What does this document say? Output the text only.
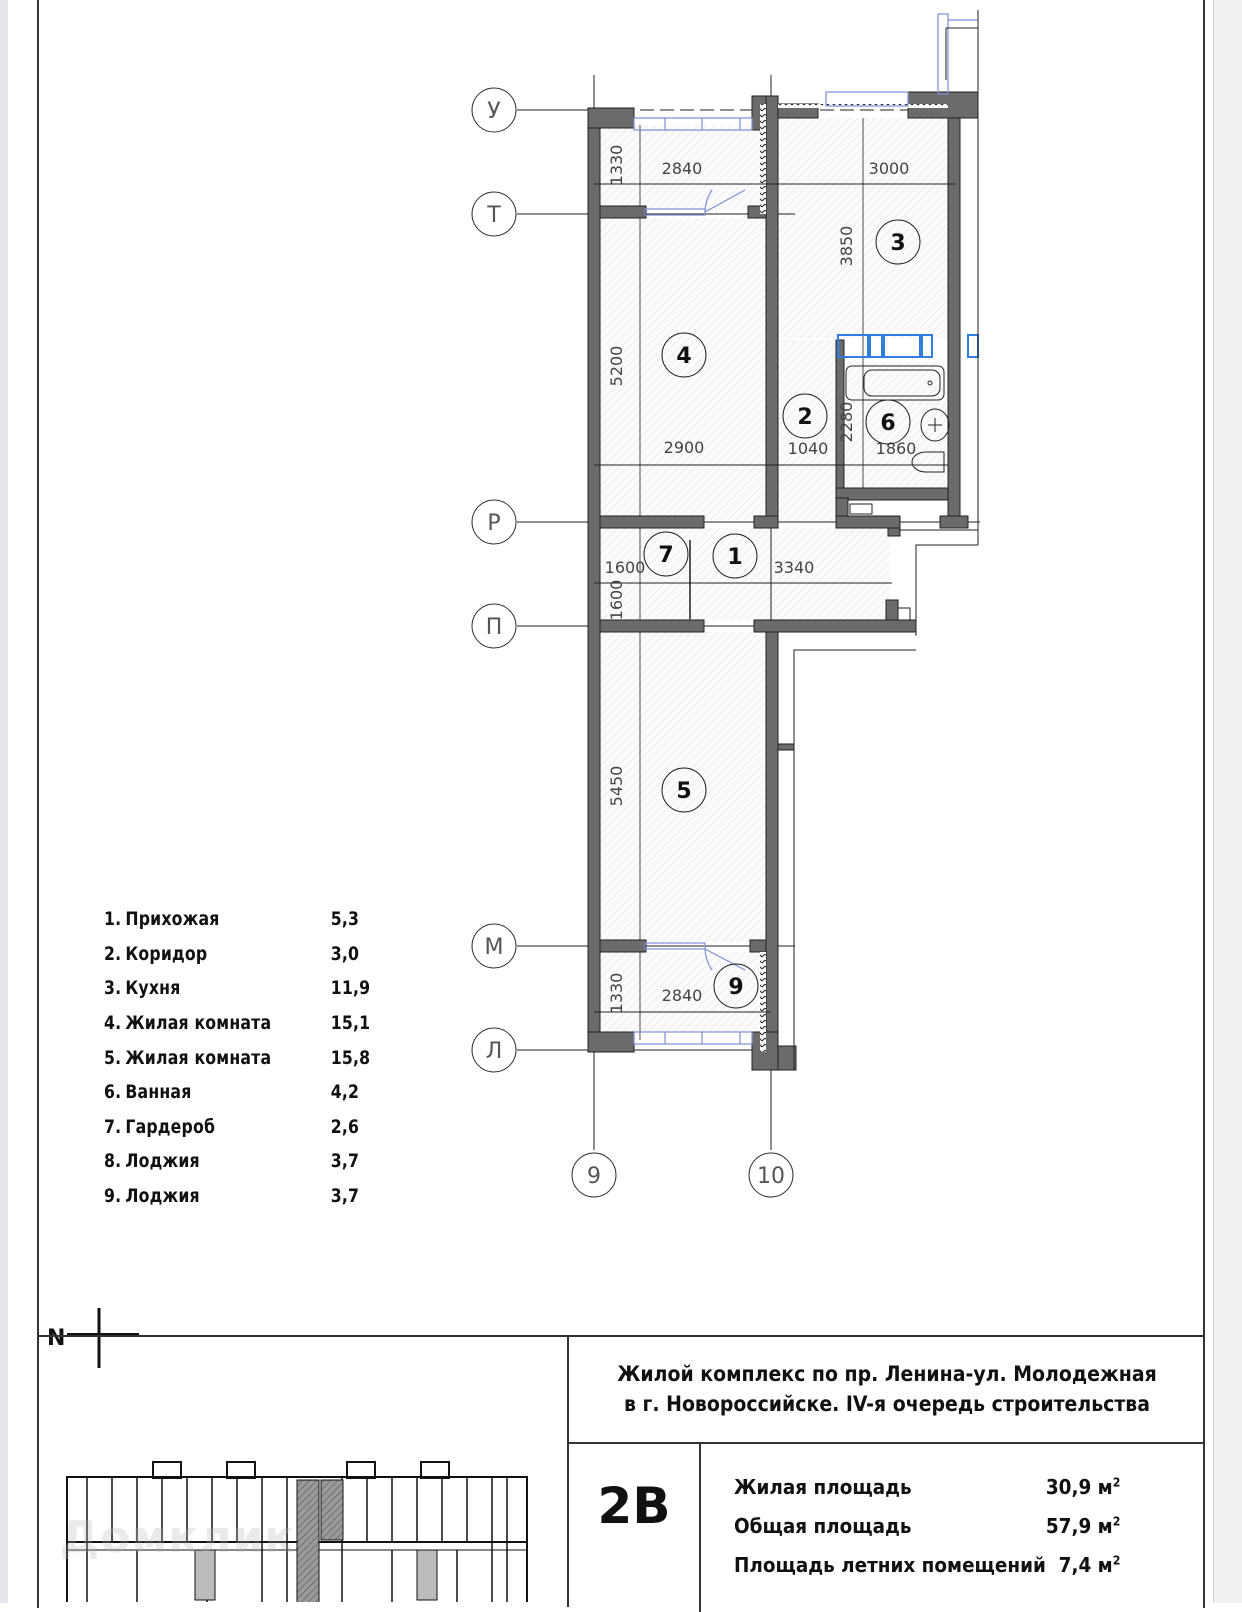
1330 2840	3000
3850
5200
2900	1040
2280
1860
1600
1600
3340
5450
1330 2840
У
Т
Р
П
М
Л
9	10
1
2
3
4
5
6
7
9
1. Прихожая	5,3
2. Коридор	3,0
3. Кухня	11,9
4. Жилая комната	15,1
5. Жилая комната	15,8
6. Ванная	4,2
7. Гардероб	2,6
8. Лоджия	3,7
9. Лоджия	3,7
N
Жилой комплекс по пр. Ленина-ул. Молодежная
в г. Новороссийске. IV-я очередь строительства
2В	Жилая площадь	30,9 $м^2$
Общая площадь	57,9 $м^2$
Площадь летних помещений 7,4 $м^2$
Домклик
